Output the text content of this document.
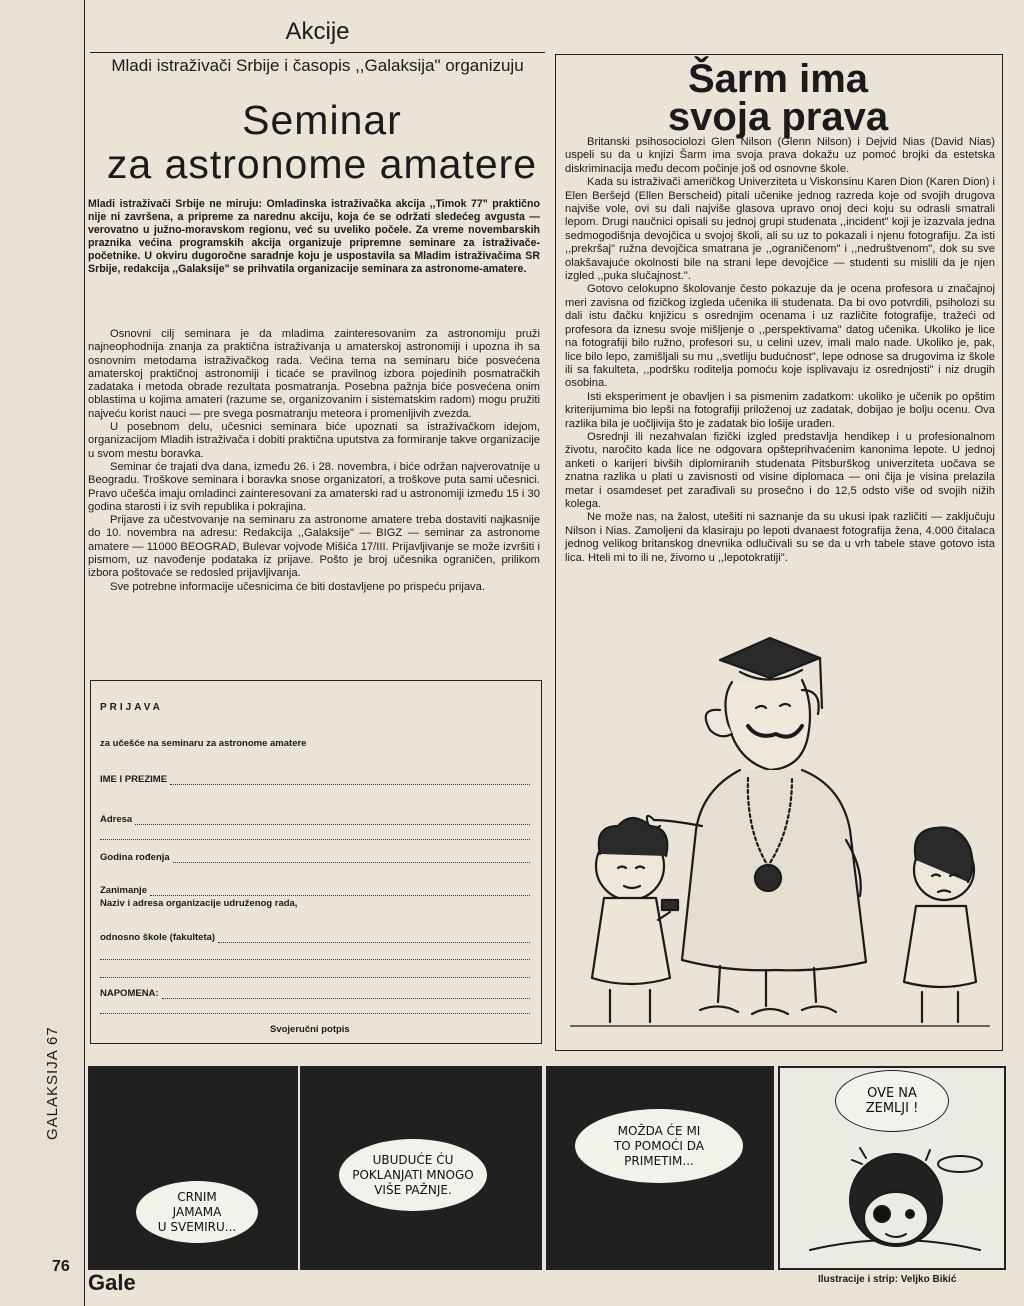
GALAKSIJA 67
76
Akcije
Mladi istraživači Srbije i časopis ,,Galaksija" organizuju
Seminar
za astronome amatere
Mladi istraživači Srbije ne miruju: Omladinska istraživačka akcija ,,Timok 77" praktično nije ni završena, a pripreme za narednu akciju, koja će se održati sledećeg avgusta — verovatno u južno-moravskom regionu, već su uveliko počele. Za vreme novembarskih praznika većina programskih akcija organizuje pripremne seminare za istraživače-početnike. U okviru dugoročne saradnje koju je uspostavila sa Mladim istraživačima SR Srbije, redakcija ,,Galaksije" se prihvatila organizacije seminara za astronome-amatere.

Osnovni cilj seminara je da mladima zainteresovanim za astronomiju pruži najneophodnija znanja za praktična istraživanja u amaterskoj astronomiji i upozna ih sa osnovnim metodama istraživačkog rada. Većina tema na seminaru biće posvećena amaterskoj praktičnoj astronomiji i ticaće se pravilnog izbora pojedinih posmatračkih zadataka i metoda obrade rezultata posmatranja. Posebna pažnja biće posvećena onim oblastima u kojima amateri (razume se, organizovanim i sistematskim radom) mogu pružiti najveću korist nauci — pre svega posmatranju meteora i promenljivih zvezda.

U posebnom delu, učesnici seminara biće upoznati sa istraživačkom idejom, organizacijom Mladih istraživača i dobiti praktična uputstva za formiranje takve organizacije u svom mestu boravka.

Seminar će trajati dva dana, između 26. i 28. novembra, i biće održan najverovatnije u Beogradu. Troškove seminara i boravka snose organizatori, a troškove puta sami učesnici. Pravo učešća imaju omladinci zainteresovani za amaterski rad u astronomiji između 15 i 30 godina starosti i iz svih republika i pokrajina.

Prijave za učestvovanje na seminaru za astronome amatere treba dostaviti najkasnije do 10. novembra na adresu: Redakcija ,,Galaksije" — BIGZ — seminar za astronome amatere — 11000 BEOGRAD, Bulevar vojvode Mišića 17/III. Prijavljivanje se može izvršiti i pismom, uz navođenje podataka iz prijave. Pošto je broj učesnika ograničen, prilikom izbora poštovaće se redosled prijavljivanja.

Sve potrebne informacije učesnicima će biti dostavljene po prispeću prijava.

PRIJAVA
za učešće na seminaru za astronome amatere
IME I PREZIME
Adresa
Godina rođenja
Zanimanje
Naziv i adresa organizacije udruženog rada,
odnosno škole (fakulteta)
NAPOMENA:
Svojeručni potpis
Šarm ima
svoja prava

Britanski psihosociolozi Glen Nilson (Glenn Nilson) i Dejvid Nias (David Nias) uspeli su da u knjizi Šarm ima svoja prava dokažu uz pomoć brojki da estetska diskriminacija među decom počinje još od osnovne škole.

Kada su istraživači američkog Univerziteta u Viskonsinu Karen Dion (Karen Dion) i Elen Beršejd (Ellen Berscheid) pitali učenike jednog razreda koje od svojih drugova najviše vole, ovi su dali najviše glasova upravo onoj deci koju su odrasli smatrali lepom. Drugi naučnici opisali su jednoj grupi studenata ,,incident" koji je izazvala jedna sedmogodišnja devojčica u svojoj školi, ali su uz to pokazali i njenu fotografiju. Za isti ,,prekršaj" ružna devojčica smatrana je ,,ograničenom" i ,,nedruštvenom", dok su sve olakšavajuće okolnosti bile na strani lepe devojčice — studenti su mislili da je njen izgled ,,puka slučajnost.".

Gotovo celokupno školovanje često pokazuje da je ocena profesora u značajnoj meri zavisna od fizičkog izgleda učenika ili studenata. Da bi ovo potvrdili, psiholozi su dali istu đačku knjižicu s osrednjim ocenama i uz različite fotografije, tražeći od profesora da iznesu svoje mišljenje o ,,perspektivama" datog učenika. Ukoliko je lice na fotografiji bilo ružno, profesori su, u celini uzev, imali malo nade. Ukoliko je, pak, lice bilo lepo, zamišljali su mu ,,svetliju budućnost", lepe odnose sa drugovima iz škole ili sa fakulteta, ,,podršku roditelja pomoću koje isplivavaju iz osrednjosti" i niz drugih osobina.

Isti eksperiment je obavljen i sa pismenim zadatkom: ukoliko je učenik po opštim kriterijumima bio lepši na fotografiji priloženoj uz zadatak, dobijao je bolju ocenu. Ova razlika bila je uočljivija što je zadatak bio lošije urađen.

Osrednji ili nezahvalan fizički izgled predstavlja hendikep i u profesionalnom životu, naročito kada lice ne odgovara opšteprihvaćenim kanonima lepote. U jednoj anketi o karijeri bivših diplomiranih studenata Pitsburškog univerziteta uočava se znatna razlika u plati u zavisnosti od visine diplomaca — oni čija je visina prelazila metar i osamdeset pet zarađivali su prosečno i do 12,5 odsto više od svojih nižih kolega.

Ne može nas, na žalost, utešiti ni saznanje da su ukusi ipak različiti — zaključuju Nilson i Nias. Zamoljeni da klasiraju po lepoti dvanaest fotografija žena, 4.000 čitalaca jednog velikog britanskog dnevnika odlučivali su se da u vrh tabele stave gotovo ista lica. Hteli mi to ili ne, živomo u ,,lepotokratiji".

CRNIM
JAMAMA
U SVEMIRU...
UBUDUĆE ĆU
POKLANJATI MNOGO
VIŠE PAŽNJE.
MOŽDA ĆE MI
TO POMOĆI DA
PRIMETIM...
OVE NA
ZEMLJI !
Gale	Ilustracije i strip: Veljko Bikić
